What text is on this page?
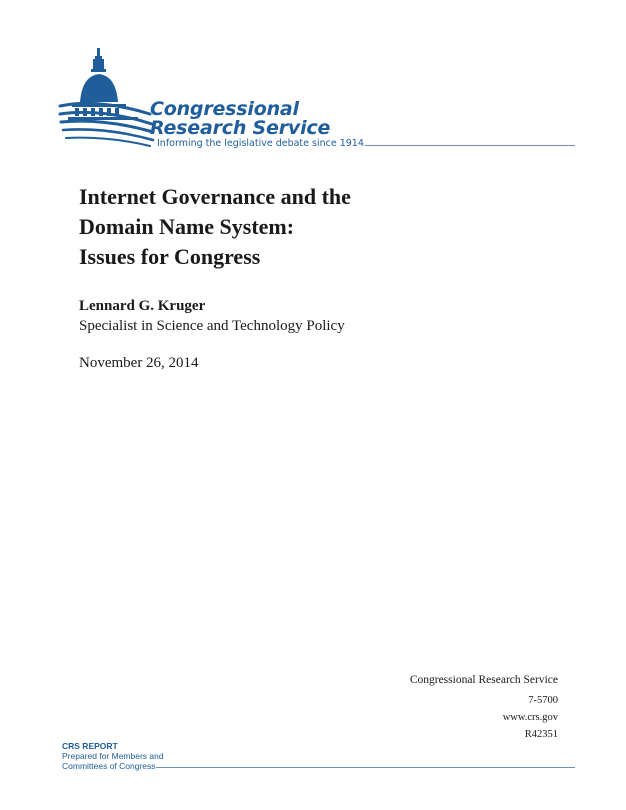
Congressional
Research Service
Informing the legislative debate since 1914
Internet Governance and the
Domain Name System:
Issues for Congress
Lennard G. Kruger
Specialist in Science and Technology Policy
November 26, 2014
Congressional Research Service
7-5700
www.crs.gov
R42351
CRS REPORT
Prepared for Members and
Committees of Congress
